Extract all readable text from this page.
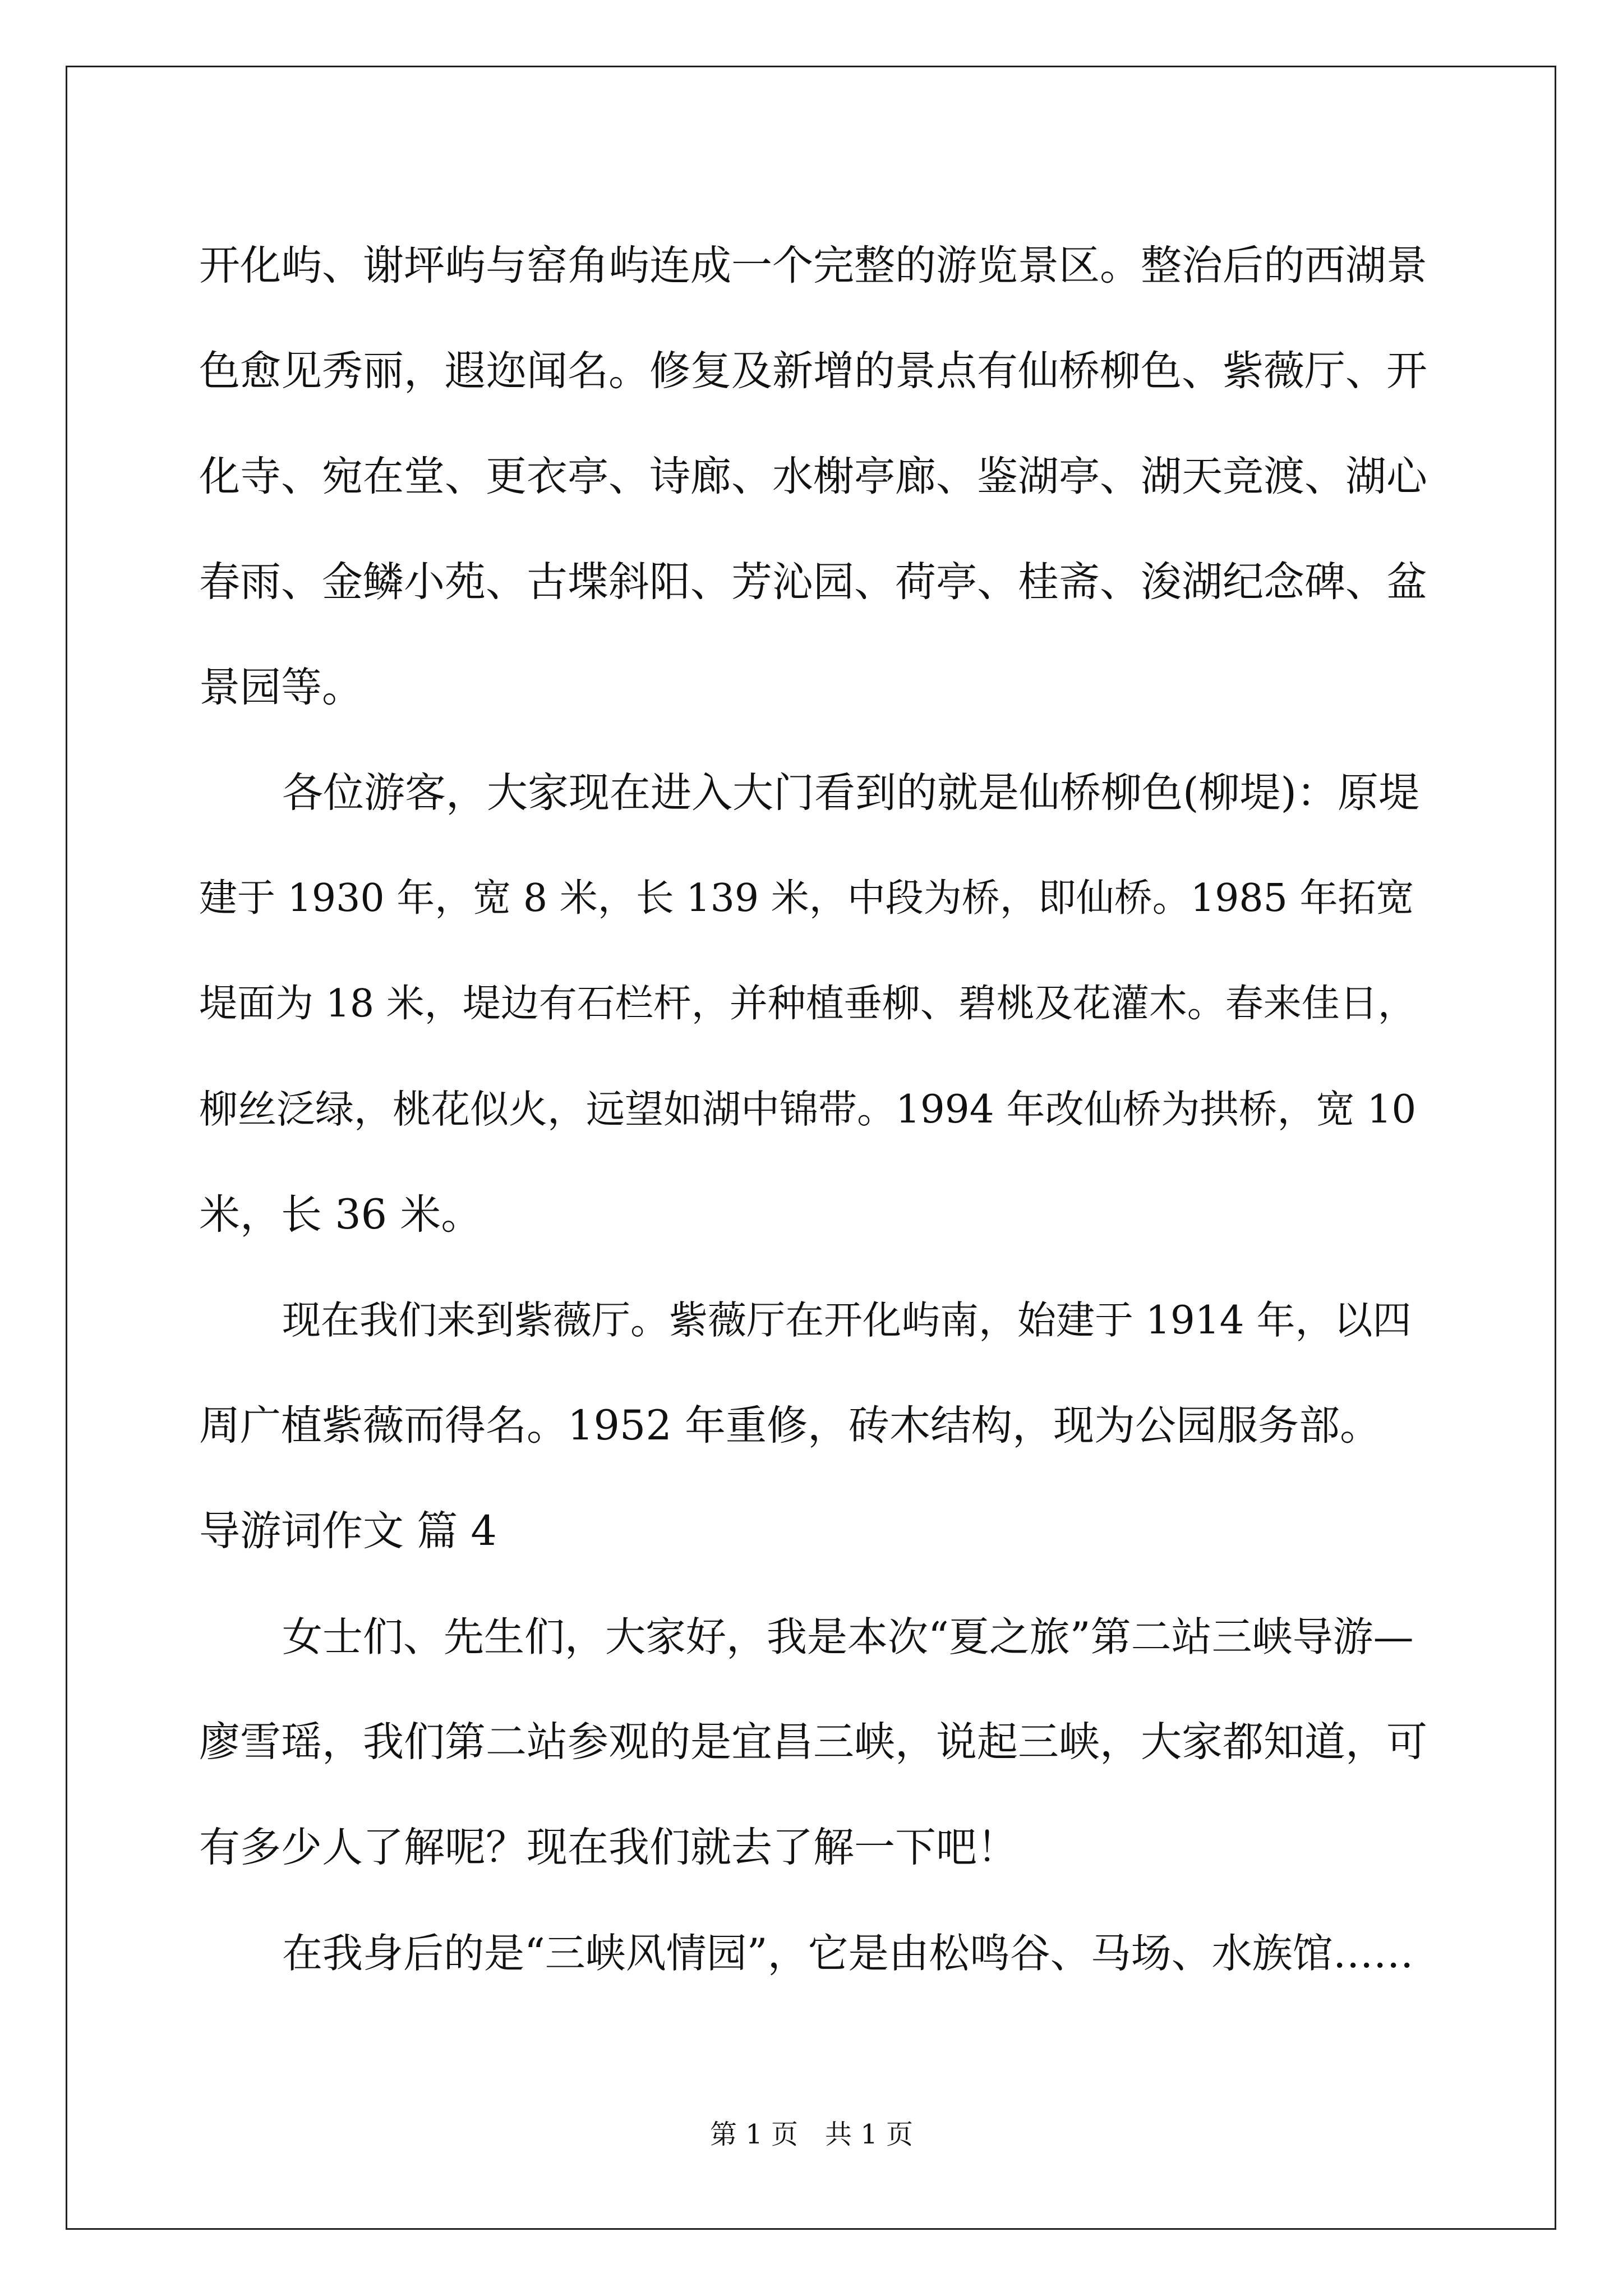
开化屿、谢坪屿与窑角屿连成一个完整的游览景区。整治后的西湖景
色愈见秀丽，遐迩闻名。修复及新增的景点有仙桥柳色、紫薇厅、开
化寺、宛在堂、更衣亭、诗廊、水榭亭廊、鉴湖亭、湖天竞渡、湖心
春雨、金鳞小苑、古堞斜阳、芳沁园、荷亭、桂斋、浚湖纪念碑、盆
景园等。
各位游客，大家现在进入大门看到的就是仙桥柳色(柳堤)：原堤
建于 1930 年，宽 8 米，长 139 米，中段为桥，即仙桥。1985 年拓宽
堤面为 18 米，堤边有石栏杆，并种植垂柳、碧桃及花灌木。春来佳日，
柳丝泛绿，桃花似火，远望如湖中锦带。1994 年改仙桥为拱桥，宽 10
米，长 36 米。
现在我们来到紫薇厅。紫薇厅在开化屿南，始建于 1914 年，以四
周广植紫薇而得名。1952 年重修，砖木结构，现为公园服务部。
导游词作文 篇 4
女士们、先生们，大家好，我是本次“夏之旅”第二站三峡导游—
廖雪瑶，我们第二站参观的是宜昌三峡，说起三峡，大家都知道，可
有多少人了解呢？现在我们就去了解一下吧！
在我身后的是“三峡风情园”，它是由松鸣谷、马场、水族馆……
第 1 页　共 1 页
